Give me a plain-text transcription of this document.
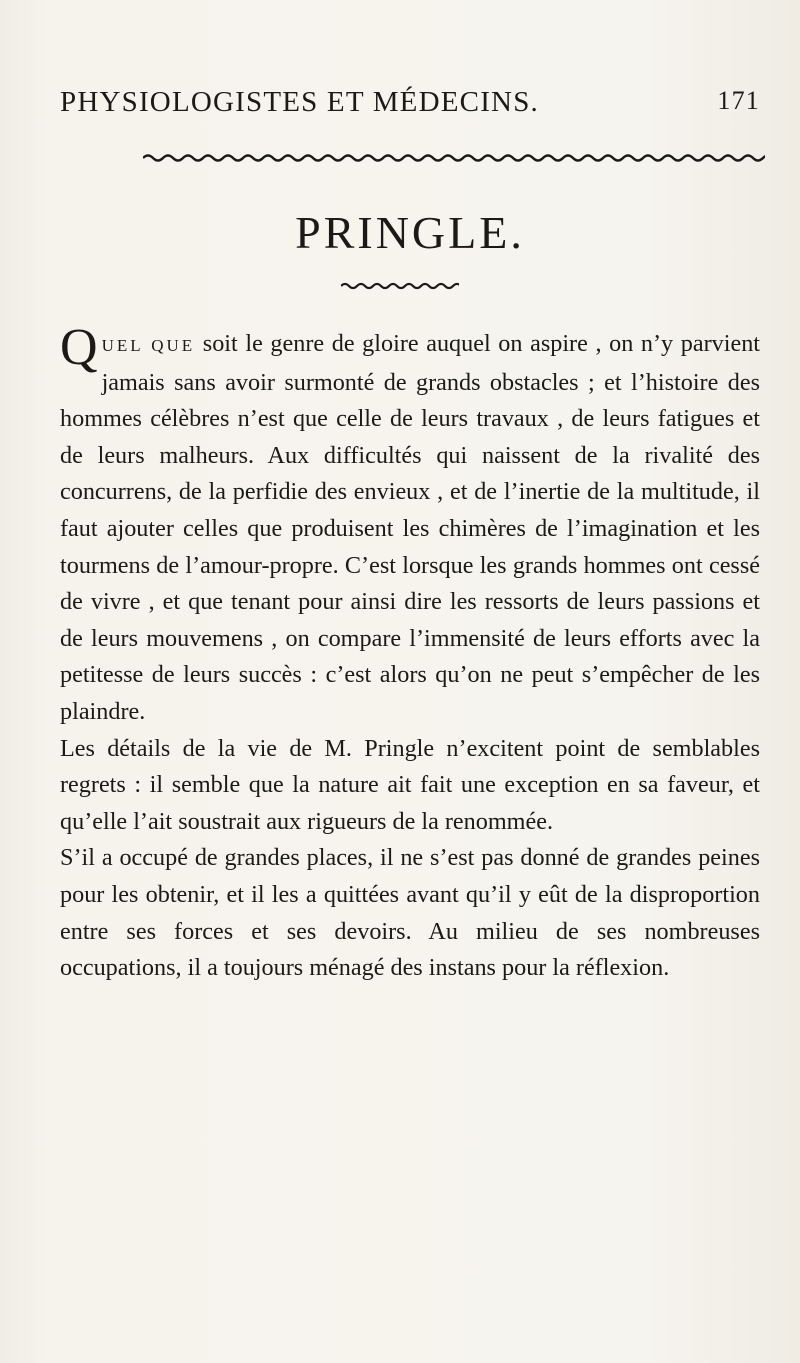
PHYSIOLOGISTES ET MÉDECINS.	171
PRINGLE.

QUEL QUE soit le genre de gloire auquel on aspire , on n’y parvient jamais sans avoir surmonté de grands obstacles ; et l’histoire des hommes célèbres n’est que celle de leurs travaux , de leurs fatigues et de leurs malheurs. Aux difficultés qui naissent de la rivalité des concurrens, de la perfidie des envieux , et de l’inertie de la multitude, il faut ajouter celles que produisent les chimères de l’imagination et les tourmens de l’amour-propre. C’est lorsque les grands hommes ont cessé de vivre , et que tenant pour ainsi dire les ressorts de leurs passions et de leurs mouvemens , on compare l’immensité de leurs efforts avec la petitesse de leurs succès : c’est alors qu’on ne peut s’empêcher de les plaindre.

Les détails de la vie de M. Pringle n’excitent point de semblables regrets : il semble que la nature ait fait une exception en sa faveur, et qu’elle l’ait soustrait aux rigueurs de la renommée.

S’il a occupé de grandes places, il ne s’est pas donné de grandes peines pour les obtenir, et il les a quittées avant qu’il y eût de la disproportion entre ses forces et ses devoirs. Au milieu de ses nombreuses occupations, il a toujours ménagé des instans pour la réflexion.
